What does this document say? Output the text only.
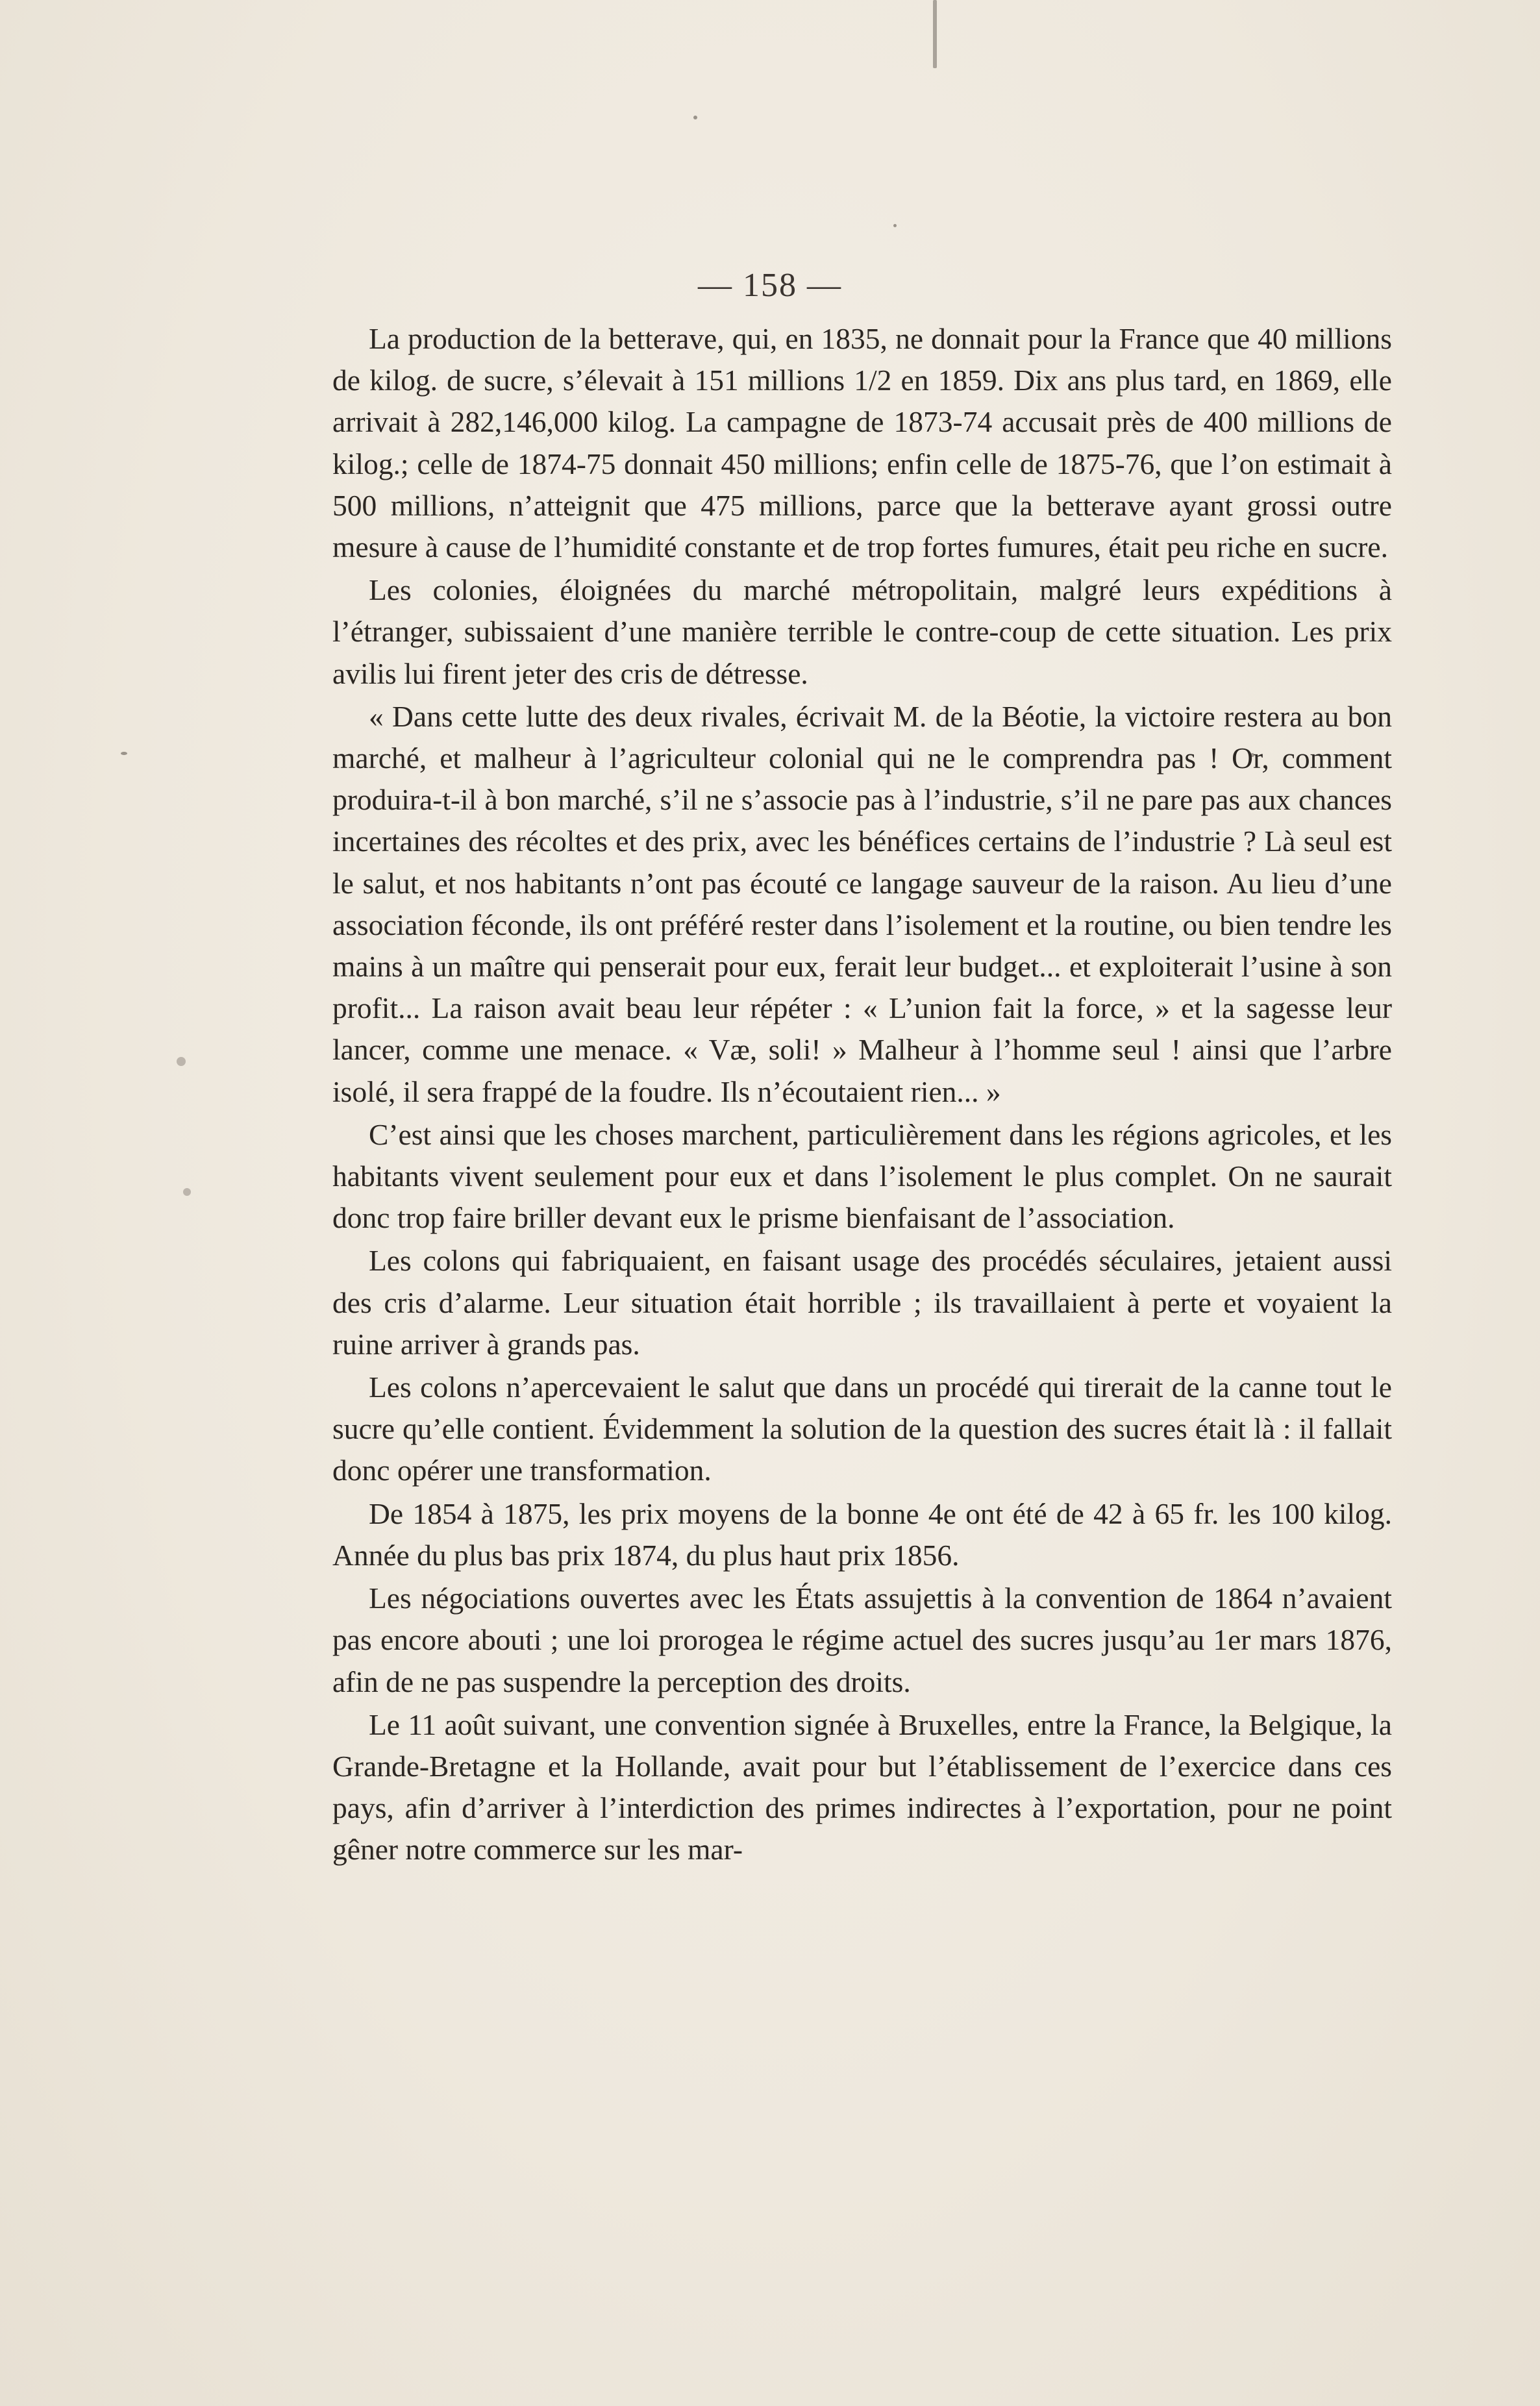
— 158 —

La production de la betterave, qui, en 1835, ne donnait pour la France que 40 millions de kilog. de sucre, s’élevait à 151 millions 1/2 en 1859. Dix ans plus tard, en 1869, elle arrivait à 282,146,000 kilog. La campagne de 1873-74 accusait près de 400 millions de kilog.; celle de 1874-75 donnait 450 millions; enfin celle de 1875-76, que l’on estimait à 500 millions, n’atteignit que 475 millions, parce que la betterave ayant grossi outre mesure à cause de l’humidité constante et de trop fortes fumures, était peu riche en sucre.

Les colonies, éloignées du marché métropolitain, malgré leurs expéditions à l’étranger, subissaient d’une manière terrible le contre-coup de cette situation. Les prix avilis lui firent jeter des cris de détresse.

« Dans cette lutte des deux rivales, écrivait M. de la Béotie, la victoire restera au bon marché, et malheur à l’agriculteur colonial qui ne le comprendra pas ! Or, comment produira-t-il à bon marché, s’il ne s’associe pas à l’industrie, s’il ne pare pas aux chances incertaines des récoltes et des prix, avec les bénéfices certains de l’industrie ? Là seul est le salut, et nos habitants n’ont pas écouté ce langage sauveur de la raison. Au lieu d’une association féconde, ils ont préféré rester dans l’isolement et la routine, ou bien tendre les mains à un maître qui penserait pour eux, ferait leur budget... et exploiterait l’usine à son profit... La raison avait beau leur répéter : « L’union fait la force, » et la sagesse leur lancer, comme une menace. « Væ, soli! » Malheur à l’homme seul ! ainsi que l’arbre isolé, il sera frappé de la foudre. Ils n’écoutaient rien... »

C’est ainsi que les choses marchent, particulièrement dans les régions agricoles, et les habitants vivent seulement pour eux et dans l’isolement le plus complet. On ne saurait donc trop faire briller devant eux le prisme bienfaisant de l’association.

Les colons qui fabriquaient, en faisant usage des procédés séculaires, jetaient aussi des cris d’alarme. Leur situation était horrible ; ils travaillaient à perte et voyaient la ruine arriver à grands pas.

Les colons n’apercevaient le salut que dans un procédé qui tirerait de la canne tout le sucre qu’elle contient. Évidemment la solution de la question des sucres était là : il fallait donc opérer une transformation.

De 1854 à 1875, les prix moyens de la bonne 4e ont été de 42 à 65 fr. les 100 kilog. Année du plus bas prix 1874, du plus haut prix 1856.

Les négociations ouvertes avec les États assujettis à la convention de 1864 n’avaient pas encore abouti ; une loi prorogea le régime actuel des sucres jusqu’au 1er mars 1876, afin de ne pas suspendre la perception des droits.

Le 11 août suivant, une convention signée à Bruxelles, entre la France, la Belgique, la Grande-Bretagne et la Hollande, avait pour but l’établissement de l’exercice dans ces pays, afin d’arriver à l’interdiction des primes indirectes à l’exportation, pour ne point gêner notre commerce sur les mar-
